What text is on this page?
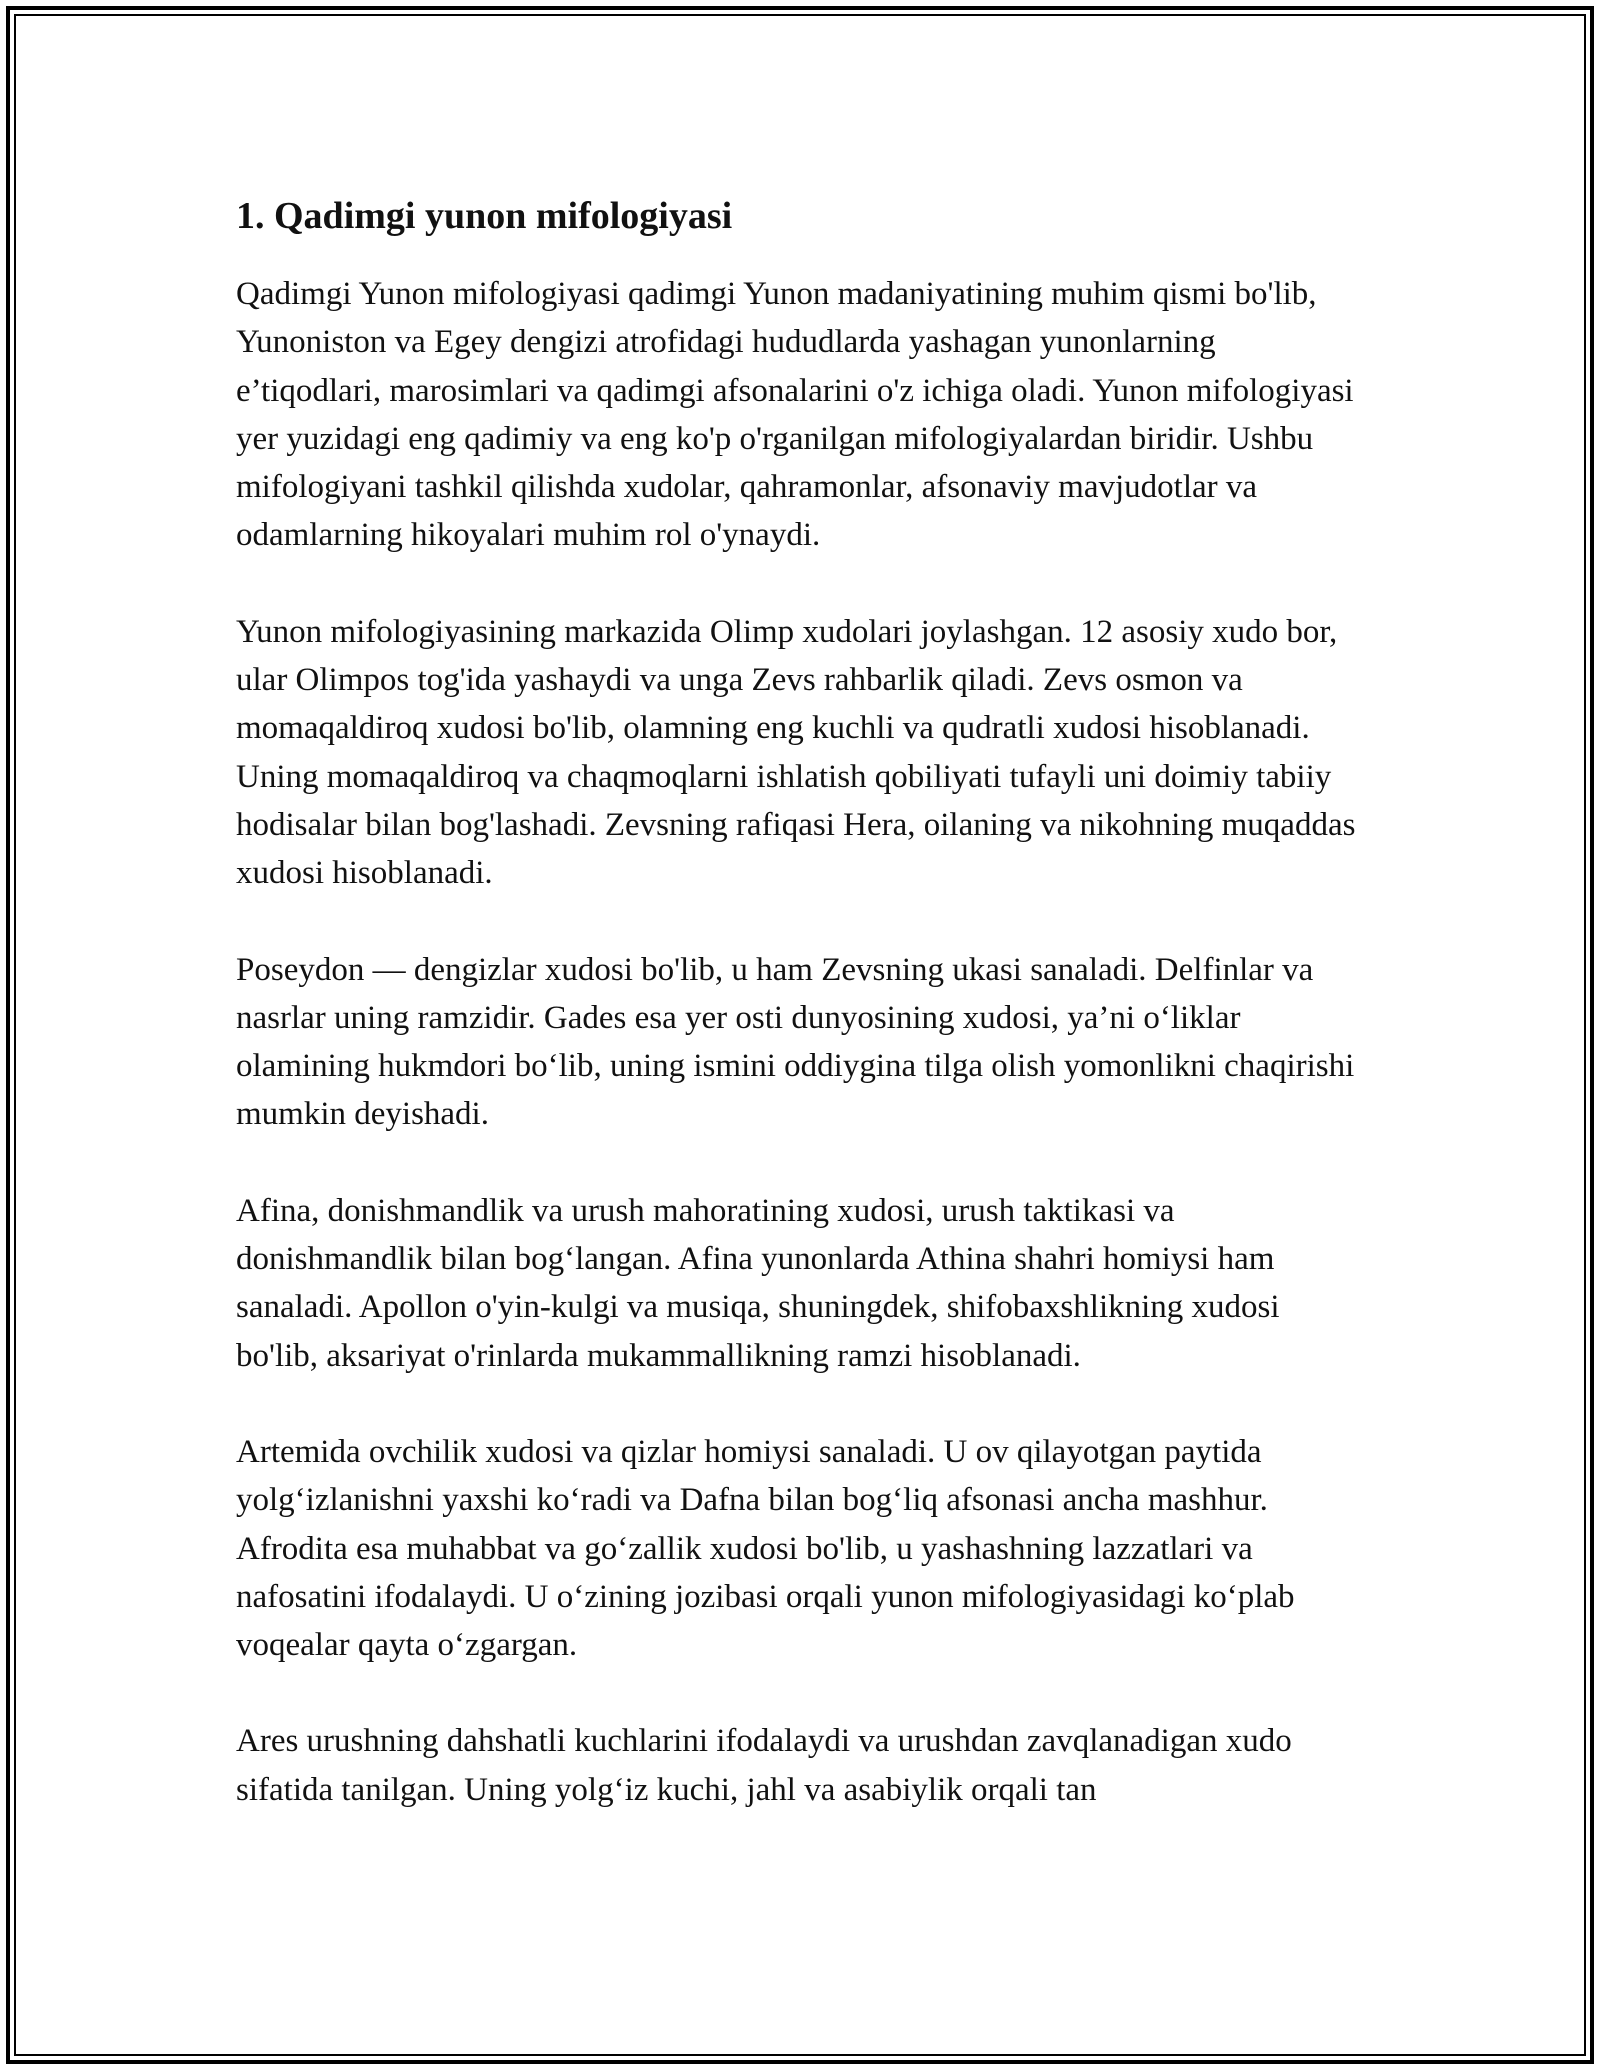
1. Qadimgi yunon mifologiyasi

Qadimgi Yunon mifologiyasi qadimgi Yunon madaniyatining muhim qismi bo'lib, Yunoniston va Egey dengizi atrofidagi hududlarda yashagan yunonlarning e’tiqodlari, marosimlari va qadimgi afsonalarini o'z ichiga oladi. Yunon mifologiyasi yer yuzidagi eng qadimiy va eng ko'p o'rganilgan mifologiyalardan biridir. Ushbu mifologiyani tashkil qilishda xudolar, qahramonlar, afsonaviy mavjudotlar va odamlarning hikoyalari muhim rol o'ynaydi.

Yunon mifologiyasining markazida Olimp xudolari joylashgan. 12 asosiy xudo bor, ular Olimpos tog'ida yashaydi va unga Zevs rahbarlik qiladi. Zevs osmon va momaqaldiroq xudosi bo'lib, olamning eng kuchli va qudratli xudosi hisoblanadi. Uning momaqaldiroq va chaqmoqlarni ishlatish qobiliyati tufayli uni doimiy tabiiy hodisalar bilan bog'lashadi. Zevsning rafiqasi Hera, oilaning va nikohning muqaddas xudosi hisoblanadi.

Poseydon — dengizlar xudosi bo'lib, u ham Zevsning ukasi sanaladi. Delfinlar va nasrlar uning ramzidir. Gades esa yer osti dunyosining xudosi, ya’ni o‘liklar olamining hukmdori bo‘lib, uning ismini oddiygina tilga olish yomonlikni chaqirishi mumkin deyishadi.

Afina, donishmandlik va urush mahoratining xudosi, urush taktikasi va donishmandlik bilan bog‘langan. Afina yunonlarda Athina shahri homiysi ham sanaladi. Apollon o'yin-kulgi va musiqa, shuningdek, shifobaxshlikning xudosi bo'lib, aksariyat o'rinlarda mukammallikning ramzi hisoblanadi.

Artemida ovchilik xudosi va qizlar homiysi sanaladi. U ov qilayotgan paytida yolg‘izlanishni yaxshi ko‘radi va Dafna bilan bog‘liq afsonasi ancha mashhur. Afrodita esa muhabbat va go‘zallik xudosi bo'lib, u yashashning lazzatlari va nafosatini ifodalaydi. U o‘zining jozibasi orqali yunon mifologiyasidagi ko‘plab voqealar qayta o‘zgargan.

Ares urushning dahshatli kuchlarini ifodalaydi va urushdan zavqlanadigan xudo sifatida tanilgan. Uning yolg‘iz kuchi, jahl va asabiylik orqali tan
